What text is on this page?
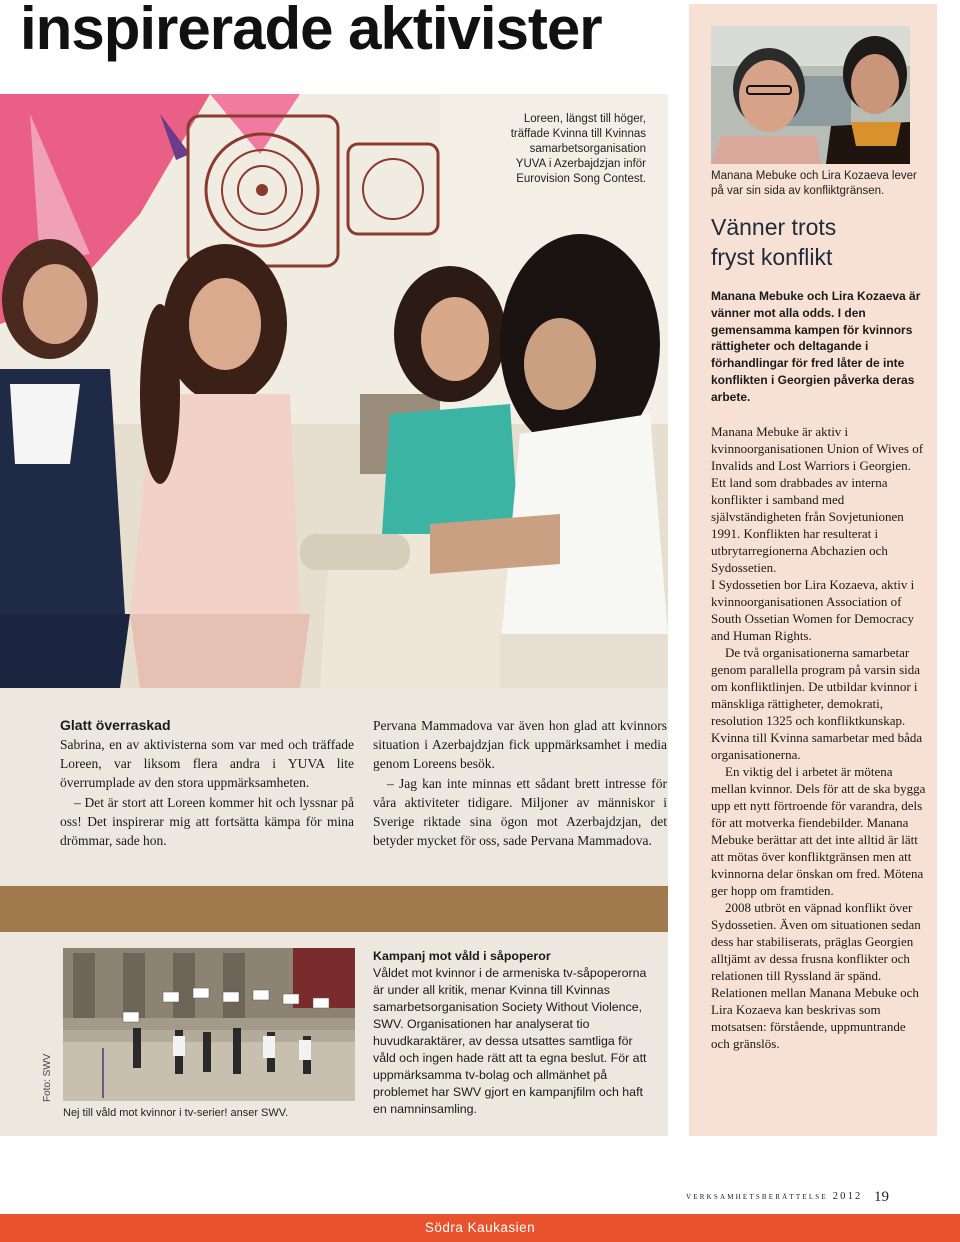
inspirerade aktivister
Loreen, längst till höger, träffade Kvinna till Kvinnas samarbetsorganisation YUVA i Azerbajdzjan inför Eurovision Song Contest.
Glatt överraskad

Sabrina, en av aktivisterna som var med och träffade Loreen, var liksom flera andra i YUVA lite överrumplade av den stora uppmärksamheten.

– Det är stort att Loreen kommer hit och lyssnar på oss! Det inspirerar mig att fortsätta kämpa för mina drömmar, sade hon.

Pervana Mammadova var även hon glad att kvinnors situation i Azerbajdzjan fick uppmärksamhet i media genom Loreens besök.

– Jag kan inte minnas ett sådant brett intresse för våra aktiviteter tidigare. Miljoner av människor i Sverige riktade sina ögon mot Azerbajdzjan, det betyder mycket för oss, sade Pervana Mammadova.

Foto: SWV
Nej till våld mot kvinnor i tv-serier! anser SWV.
Kampanj mot våld i såpoperor

Våldet mot kvinnor i de armeniska tv-såpoperorna är under all kritik, menar Kvinna till Kvinnas samarbetsorganisation Society Without Violence, SWV. Organisationen har analyserat tio huvudkaraktärer, av dessa utsattes samtliga för våld och ingen hade rätt att ta egna beslut. För att uppmärksamma tv-bolag och allmänhet på problemet har SWV gjort en kampanjfilm och haft en namninsamling.

Manana Mebuke och Lira Kozaeva lever på var sin sida av konfliktgränsen.
Vänner trots
fryst konflikt
Manana Mebuke och Lira Kozaeva är vänner mot alla odds. I den gemensamma kampen för kvinnors rättigheter och deltagande i förhandlingar för fred låter de inte konflikten i Georgien påverka deras arbete.

Manana Mebuke är aktiv i kvinnoorganisationen Union of Wives of Invalids and Lost Warriors i Georgien. Ett land som drabbades av interna konflikter i samband med självständigheten från Sovjetunionen 1991. Konflikten har resulterat i utbrytarregionerna Abchazien och Sydossetien.

I Sydossetien bor Lira Kozaeva, aktiv i kvinnoorganisationen Association of South Ossetian Women for Democracy and Human Rights.

De två organisationerna samarbetar genom parallella program på varsin sida om konfliktlinjen. De utbildar kvinnor i mänskliga rättigheter, demokrati, resolution 1325 och konfliktkunskap. Kvinna till Kvinna samarbetar med båda organisationerna.

En viktig del i arbetet är mötena mellan kvinnor. Dels för att de ska bygga upp ett nytt förtroende för varandra, dels för att motverka fiendebilder. Manana Mebuke berättar att det inte alltid är lätt att mötas över konfliktgränsen men att kvinnorna delar önskan om fred. Mötena ger hopp om framtiden.

2008 utbröt en väpnad konflikt över Sydossetien. Även om situationen sedan dess har stabiliserats, präglas Georgien alltjämt av dessa frusna konflikter och relationen till Ryssland är spänd. Relationen mellan Manana Mebuke och Lira Kozaeva kan beskrivas som motsatsen: förstående, uppmuntrande och gränslös.

verksamhetsberättelse 2012 19
Södra Kaukasien
